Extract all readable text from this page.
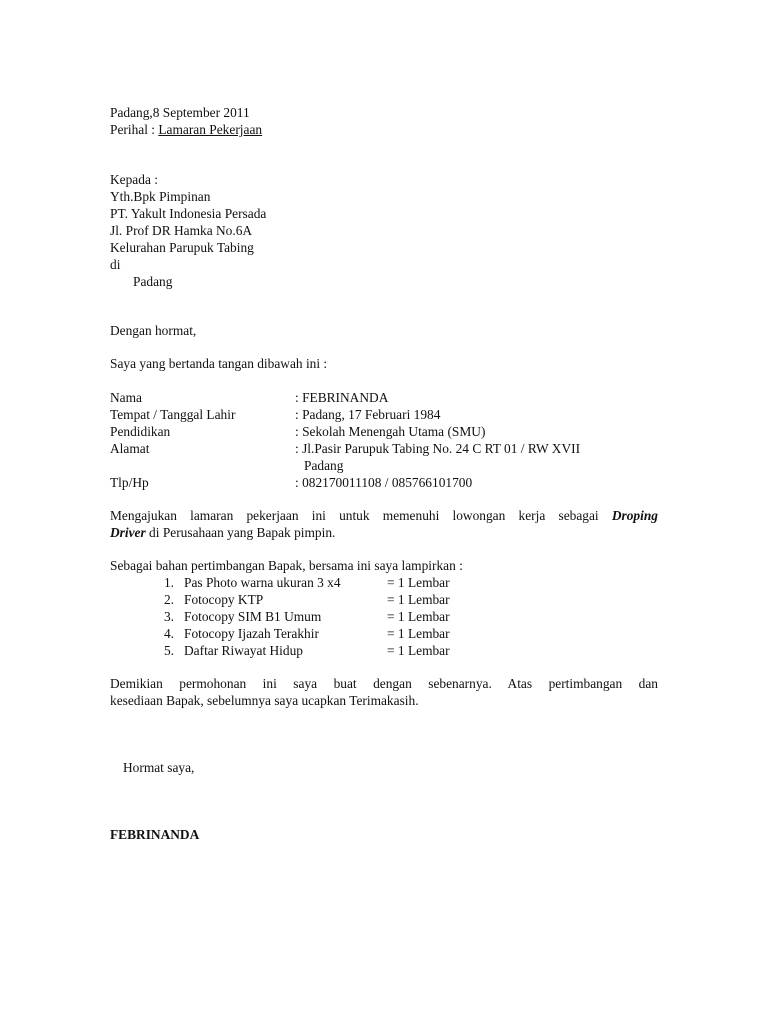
Padang,8 September 2011
Perihal : Lamaran Pekerjaan
Kepada :
Yth.Bpk Pimpinan
PT. Yakult Indonesia Persada
Jl. Prof DR Hamka No.6A
Kelurahan Parupuk Tabing
di
Padang
Dengan hormat,
Saya yang bertanda tangan dibawah ini :
Nama	: FEBRINANDA
Tempat / Tanggal Lahir	: Padang, 17 Februari 1984
Pendidikan	: Sekolah Menengah Utama (SMU)
Alamat	: Jl.Pasir Parupuk Tabing No. 24 C RT 01 / RW XVII
Padang
Tlp/Hp	: 082170011108 / 085766101700
Mengajukan lamaran pekerjaan ini untuk memenuhi lowongan kerja sebagai Droping
Driver di Perusahaan yang Bapak pimpin.
Sebagai bahan pertimbangan Bapak, bersama ini saya lampirkan :
1. Pas Photo warna ukuran 3 x4	= 1 Lembar
2. Fotocopy KTP	= 1 Lembar
3. Fotocopy SIM B1 Umum	= 1 Lembar
4. Fotocopy Ijazah Terakhir	= 1 Lembar
5. Daftar Riwayat Hidup	= 1 Lembar
Demikian permohonan ini saya buat dengan sebenarnya. Atas pertimbangan dan
kesediaan Bapak, sebelumnya saya ucapkan Terimakasih.
Hormat saya,
FEBRINANDA
